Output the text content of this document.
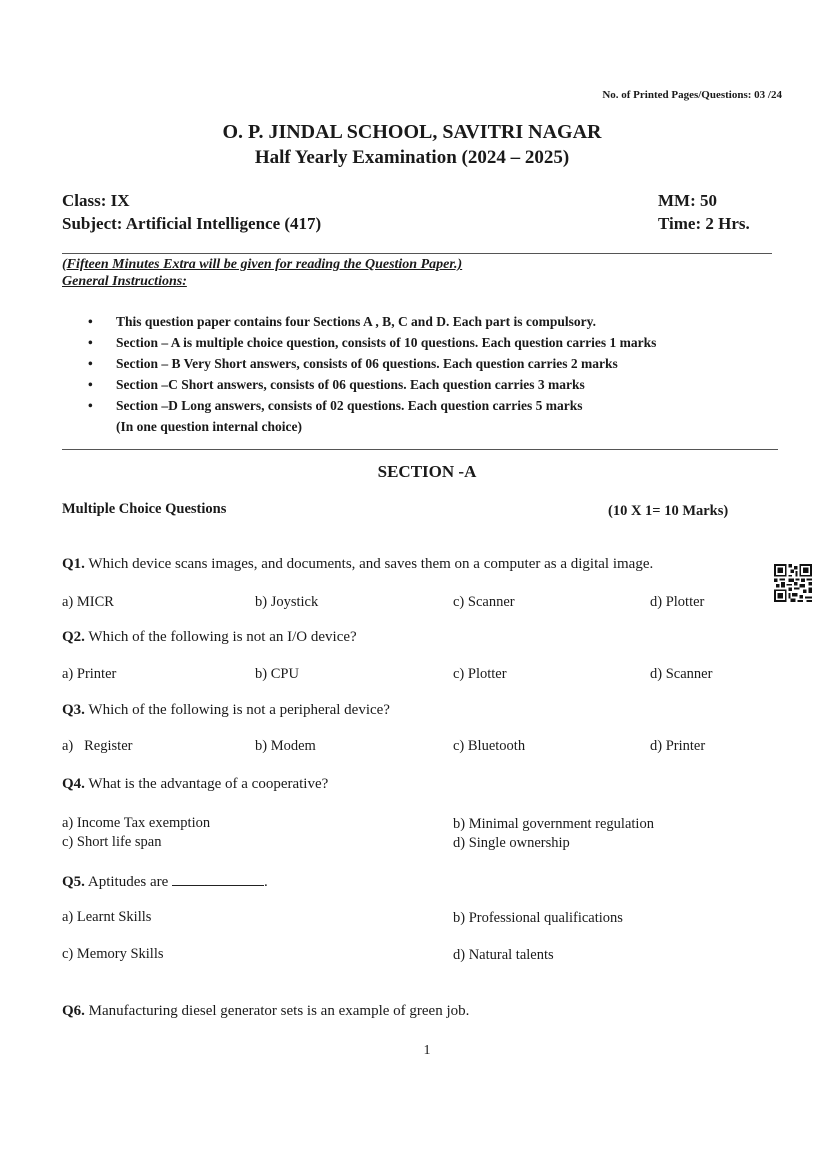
No. of Printed Pages/Questions: 03 /24
O. P. JINDAL SCHOOL, SAVITRI NAGAR
Half Yearly Examination (2024 – 2025)
Class: IX
Subject: Artificial Intelligence (417)
MM: 50
Time: 2 Hrs.
(Fifteen Minutes Extra will be given for reading the Question Paper.)
General Instructions:
• This question paper contains four Sections A , B, C and D. Each part is compulsory.
• Section – A is multiple choice question, consists of 10 questions. Each question carries 1 marks
• Section – B Very Short answers, consists of 06 questions. Each question carries 2 marks
• Section –C Short answers, consists of 06 questions. Each question carries 3 marks
• Section –D Long answers, consists of 02 questions. Each question carries 5 marks
(In one question internal choice)
SECTION -A
Multiple Choice Questions	(10 X 1= 10 Marks)
Q1. Which device scans images, and documents, and saves them on a computer as a digital image.
a) MICR	b) Joystick	c) Scanner	d) Plotter
Q2. Which of the following is not an I/O device?
a) Printer	b) CPU	c) Plotter	d) Scanner
Q3. Which of the following is not a peripheral device?
a)   Register	b) Modem	c) Bluetooth	d) Printer
Q4. What is the advantage of a cooperative?
a) Income Tax exemption	b) Minimal government regulation
c) Short life span	d) Single ownership
Q5. Aptitudes are	.
a) Learnt Skills	b) Professional qualifications
c) Memory Skills	d) Natural talents
Q6. Manufacturing diesel generator sets is an example of green job.
1
